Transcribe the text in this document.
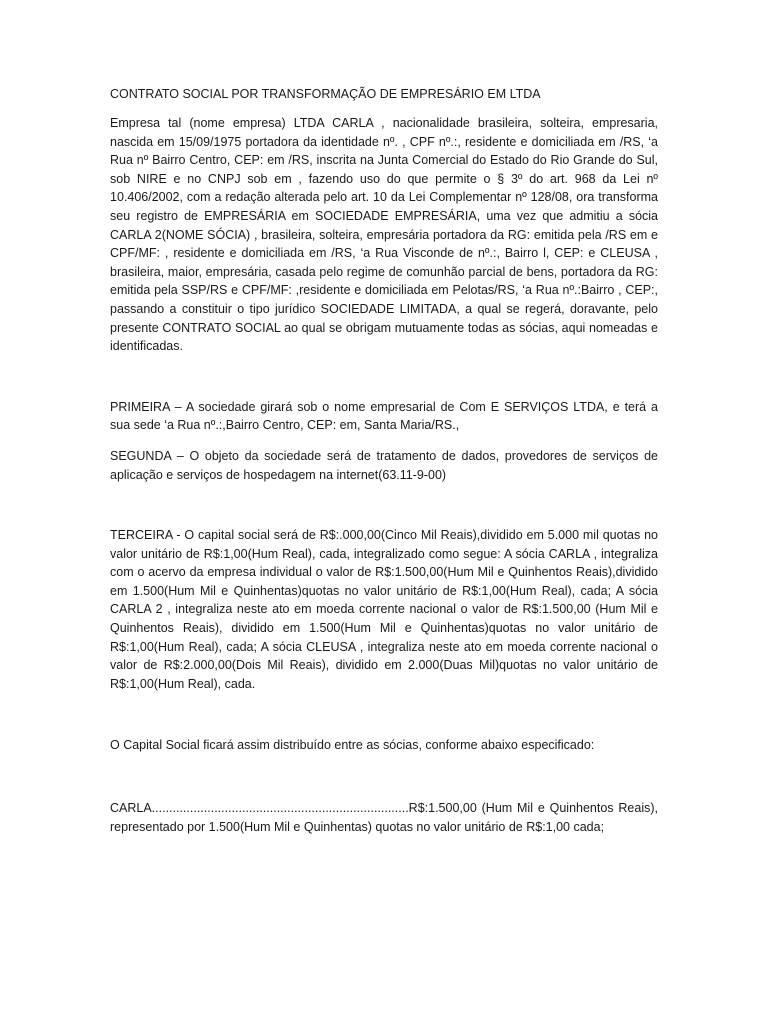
CONTRATO SOCIAL POR TRANSFORMAÇÃO DE EMPRESÁRIO EM LTDA

Empresa tal (nome empresa) LTDA CARLA , nacionalidade brasileira, solteira, empresaria, nascida em 15/09/1975 portadora da identidade nº. , CPF nº.:, residente e domiciliada em /RS, ‘a Rua nº Bairro Centro, CEP: em /RS, inscrita na Junta Comercial do Estado do Rio Grande do Sul, sob NIRE e no CNPJ sob em , fazendo uso do que permite o § 3º do art. 968 da Lei nº 10.406/2002, com a redação alterada pelo art. 10 da Lei Complementar nº 128/08, ora transforma seu registro de EMPRESÁRIA em SOCIEDADE EMPRESÁRIA, uma vez que admitiu a sócia CARLA 2(NOME SÓCIA) , brasileira, solteira, empresária portadora da RG: emitida pela /RS em e CPF/MF: , residente e domiciliada em /RS, ‘a Rua Visconde de nº.:, Bairro l, CEP: e CLEUSA , brasileira, maior, empresária, casada pelo regime de comunhão parcial de bens, portadora da RG: emitida pela SSP/RS e CPF/MF: ,residente e domiciliada em Pelotas/RS, ‘a Rua nº.:Bairro , CEP:, passando a constituir o tipo jurídico SOCIEDADE LIMITADA, a qual se regerá, doravante, pelo presente CONTRATO SOCIAL ao qual se obrigam mutuamente todas as sócias, aqui nomeadas e identificadas.

PRIMEIRA – A sociedade girará sob o nome empresarial de Com E SERVIÇOS LTDA, e terá a sua sede ‘a Rua nº.:,Bairro Centro, CEP: em, Santa Maria/RS.,

SEGUNDA – O objeto da sociedade será de tratamento de dados, provedores de serviços de aplicação e serviços de hospedagem na internet(63.11-9-00)

TERCEIRA - O capital social será de R$:.000,00(Cinco Mil Reais),dividido em 5.000 mil quotas no valor unitário de R$:1,00(Hum Real), cada, integralizado como segue: A sócia CARLA , integraliza com o acervo da empresa individual o valor de R$:1.500,00(Hum Mil e Quinhentos Reais),dividido em 1.500(Hum Mil e Quinhentas)quotas no valor unitário de R$:1,00(Hum Real), cada; A sócia CARLA 2 , integraliza neste ato em moeda corrente nacional o valor de R$:1.500,00 (Hum Mil e Quinhentos Reais), dividido em 1.500(Hum Mil e Quinhentas)quotas no valor unitário de R$:1,00(Hum Real), cada; A sócia CLEUSA , integraliza neste ato em moeda corrente nacional o valor de R$:2.000,00(Dois Mil Reais), dividido em 2.000(Duas Mil)quotas no valor unitário de R$:1,00(Hum Real), cada.

O Capital Social ficará assim distribuído entre as sócias, conforme abaixo especificado:

CARLA..........................................................................R$:1.500,00 (Hum Mil e Quinhentos Reais), representado por 1.500(Hum Mil e Quinhentas) quotas no valor unitário de R$:1,00 cada;
